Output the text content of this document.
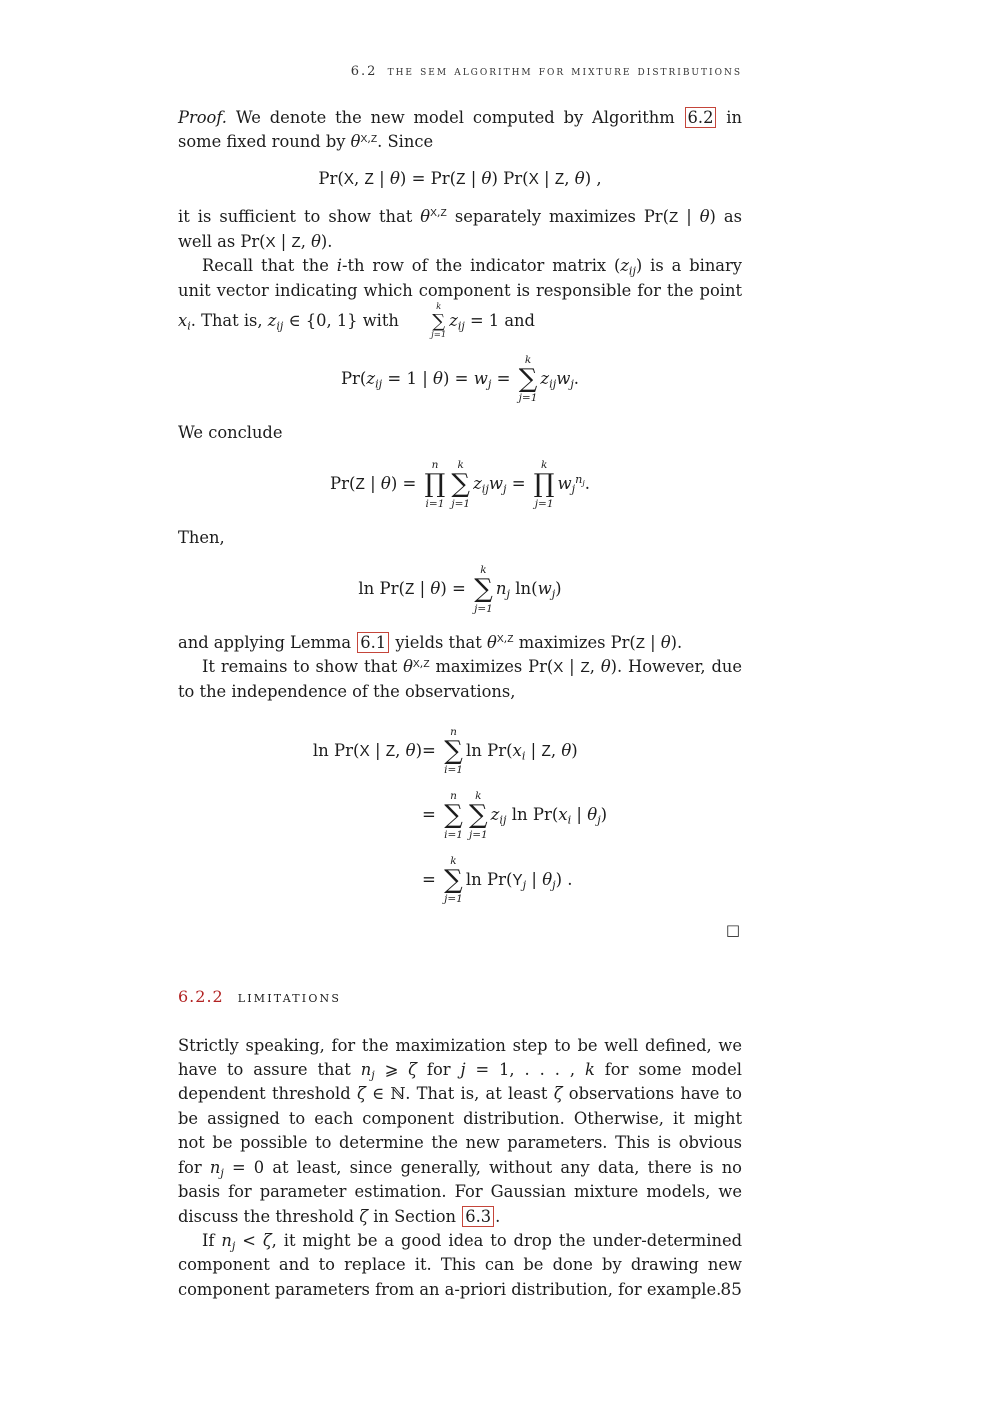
6.2 the sem algorithm for mixture distributions

Proof. We denote the new model computed by Algorithm 6.2 in some fixed round by $\theta^{X,Z}$. Since

Pr(X, Z | θ) = Pr(Z | θ) Pr(X | Z, θ) ,

it is sufficient to show that $\theta^{X,Z}$ separately maximizes Pr(Z | θ) as well as Pr(X | Z, θ).

Recall that the i-th row of the indicator matrix $(z_{ij})$ is a binary unit vector indicating which component is responsible for the point $x_i$. That is, $z_{ij}$ ∈ {0, 1} with
k
∑
j=1
$z_{ij} = 1$ and

$Pr(z_{ij} = 1$ | $\theta) = w_j$ =
k
∑
j=1
$z_{ij}w_j$.

We conclude

Pr(Z | θ) =
n
∏
i=1
k
∑
j=1
$z_{ij}w_j$ =
k
∏
j=1
$w_j^{n_j}$.

Then,

ln Pr(Z | θ) =
k
∑
j=1
$n_j$ $\ln(w_j)$

and applying Lemma 6.1 yields that $\theta^{X,Z}$ maximizes Pr(Z | θ).

It remains to show that $\theta^{X,Z}$ maximizes Pr(X | Z, θ). However, due to the independence of the observations,

ln Pr(X | Z, θ)	=
n
∑
i=1
$\ln Pr(x_i$ | Z, θ)
	=
n
∑
i=1
k
∑
j=1
$z_{ij}$ $\ln Pr(x_i$ | $\theta_j$)
	=
k
∑
j=1
$\ln Pr(Y_j$ | $\theta_j$) .
□
6.2.2 limitations

Strictly speaking, for the maximization step to be well defined, we have to assure that $n_j$ ⩾ ζ for j = 1, . . . , k for some model dependent threshold ζ ∈ ℕ. That is, at least ζ observations have to be assigned to each component distribution. Otherwise, it might not be possible to determine the new parameters. This is obvious for $n_j = 0$ at least, since generally, without any data, there is no basis for parameter estimation. For Gaussian mixture models, we discuss the threshold ζ in Section 6.3 .

If $n_j < \zeta$, it might be a good idea to drop the under-determined component and to replace it. This can be done by drawing new component parameters from an a-priori distribution, for example. 85
